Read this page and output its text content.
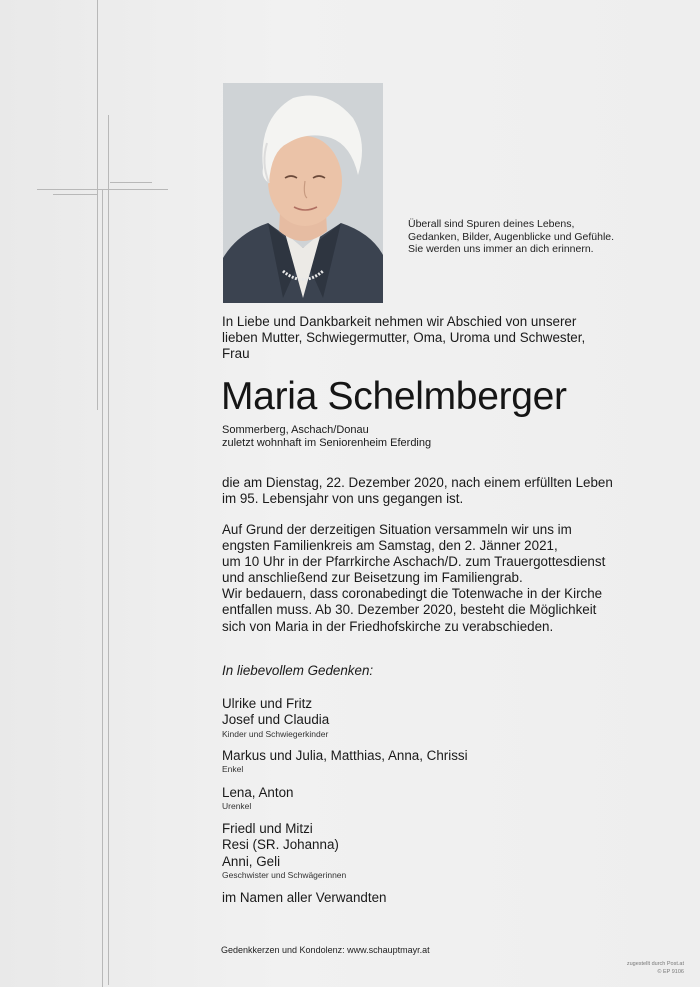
Überall sind Spuren deines Lebens,
Gedanken, Bilder, Augenblicke und Gefühle.
Sie werden uns immer an dich erinnern.
In Liebe und Dankbarkeit nehmen wir Abschied von unserer
lieben Mutter, Schwiegermutter, Oma, Uroma und Schwester,
Frau
Maria Schelmberger
Sommerberg, Aschach/Donau
zuletzt wohnhaft im Seniorenheim Eferding
die am Dienstag, 22. Dezember 2020, nach einem erfüllten Leben
im 95. Lebensjahr von uns gegangen ist.
Auf Grund der derzeitigen Situation versammeln wir uns im
engsten Familienkreis am Samstag, den 2. Jänner 2021,
um 10 Uhr in der Pfarrkirche Aschach/D. zum Trauergottesdienst
und anschließend zur Beisetzung im Familiengrab.
Wir bedauern, dass coronabedingt die Totenwache in der Kirche
entfallen muss. Ab 30. Dezember 2020, besteht die Möglichkeit
sich von Maria in der Friedhofskirche zu verabschieden.
In liebevollem Gedenken:
Ulrike und Fritz
Josef und Claudia
Kinder und Schwiegerkinder
Markus und Julia, Matthias, Anna, Chrissi
Enkel
Lena, Anton
Urenkel
Friedl und Mitzi
Resi (SR. Johanna)
Anni, Geli
Geschwister und Schwägerinnen
im Namen aller Verwandten
Gedenkkerzen und Kondolenz: www.schauptmayr.at
zugestellt durch Post.at
© EP 9106
